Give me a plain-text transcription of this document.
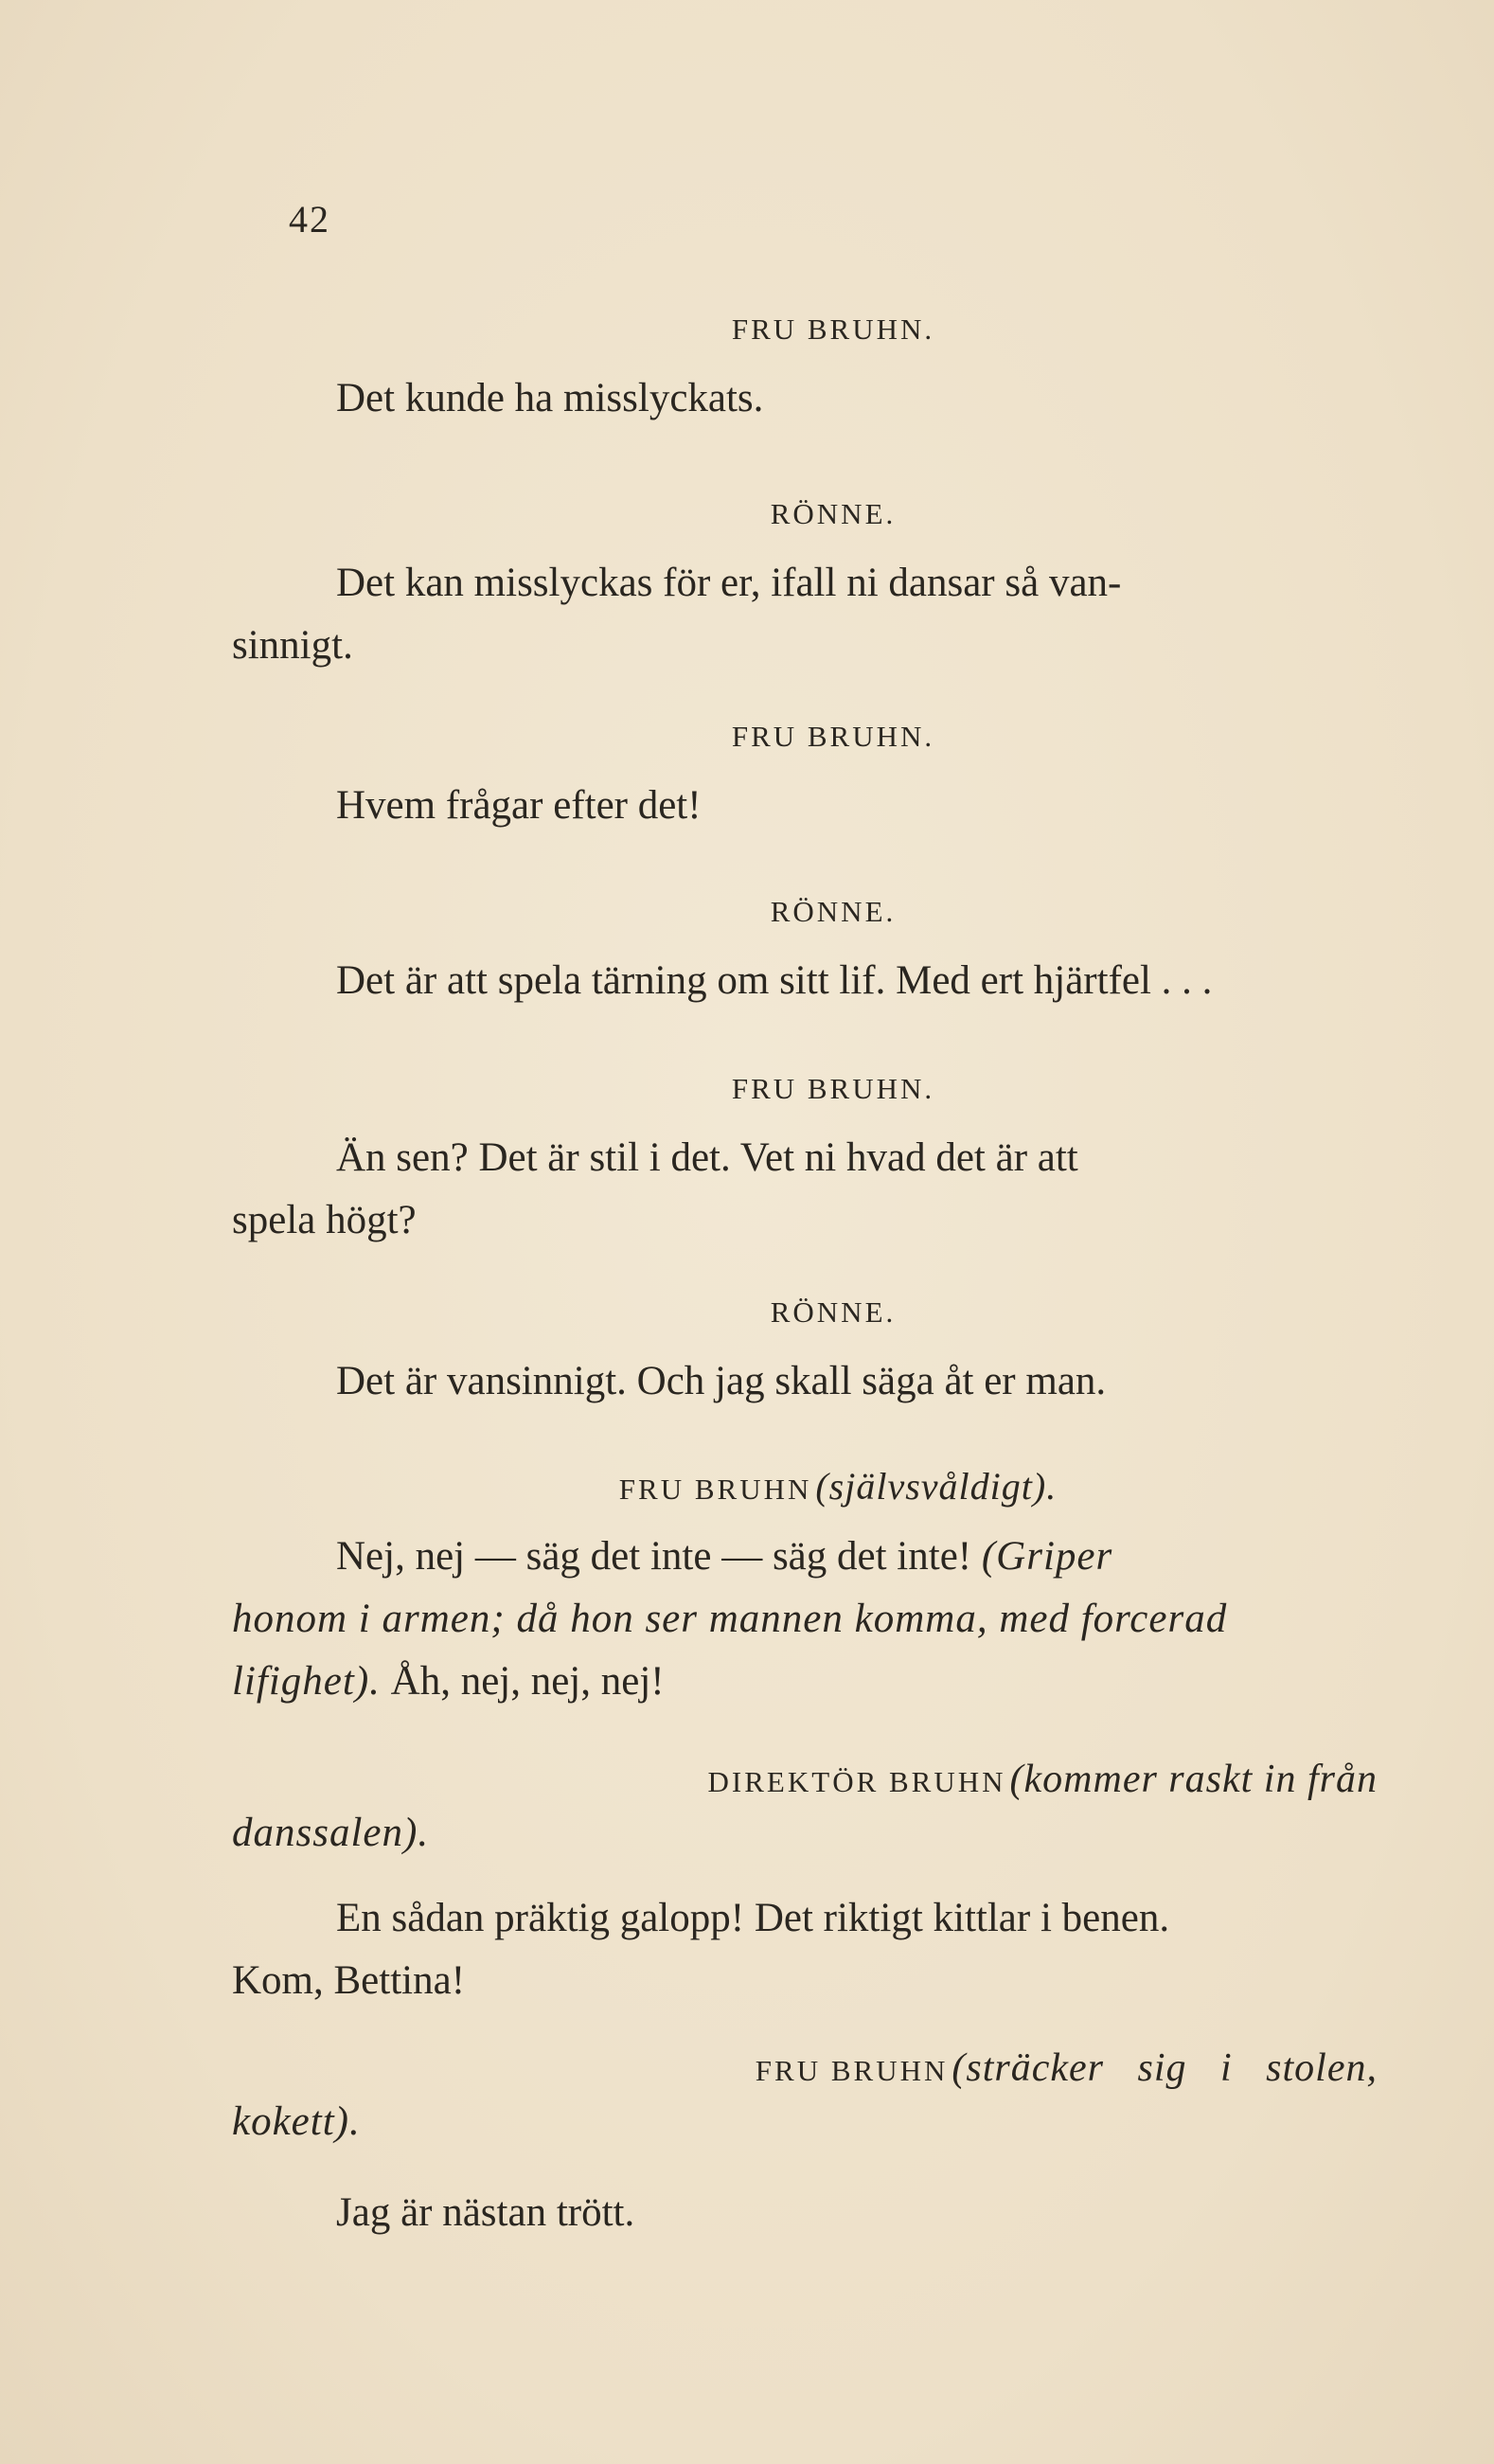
42
FRU BRUHN.
Det kunde ha misslyckats.
RÖNNE.
Det kan misslyckas för er, ifall ni dansar så van-
sinnigt.
FRU BRUHN.
Hvem frågar efter det!
RÖNNE.
Det är att spela tärning om sitt lif. Med ert hjärtfel . . .
FRU BRUHN.
Än sen? Det är stil i det. Vet ni hvad det är att
spela högt?
RÖNNE.
Det är vansinnigt. Och jag skall säga åt er man.
FRU BRUHN (självsvåldigt).
Nej, nej — säg det inte — säg det inte! (Griper
honom i armen; då hon ser mannen komma, med forcerad
lifighet). Åh, nej, nej, nej!
DIREKTÖR BRUHN (kommer raskt in från
danssalen).
En sådan präktig galopp! Det riktigt kittlar i benen.
Kom, Bettina!
FRU BRUHN (sträcker sig i stolen,
kokett).
Jag är nästan trött.
